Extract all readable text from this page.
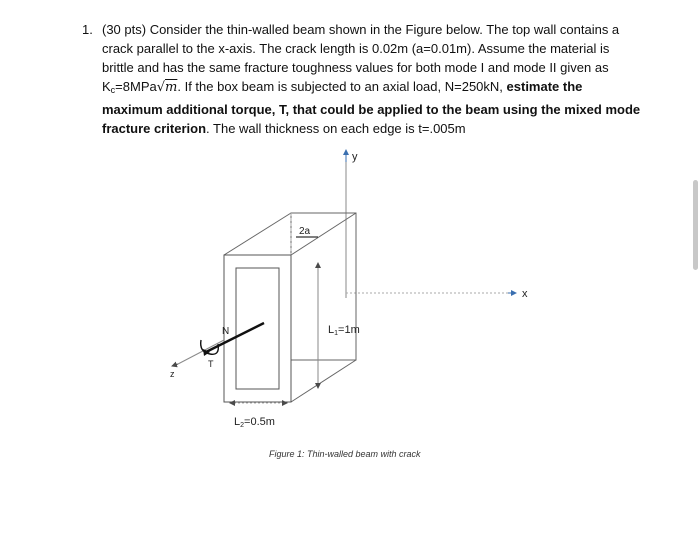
1. (30 pts) Consider the thin-walled beam shown in the Figure below. The top wall contains a crack parallel to the x-axis. The crack length is 0.02m (a=0.01m). Assume the material is brittle and has the same fracture toughness values for both mode I and mode II given as $K_c=8MPa√m$. If the box beam is subjected to an axial load, N=250kN, estimate the maximum additional torque, T, that could be applied to the beam using the mixed mode fracture criterion. The wall thickness on each edge is t=.005m
y
x
2a
L1=1m
L2=0.5m
z
N
T
Figure 1: Thin-walled beam with crack
